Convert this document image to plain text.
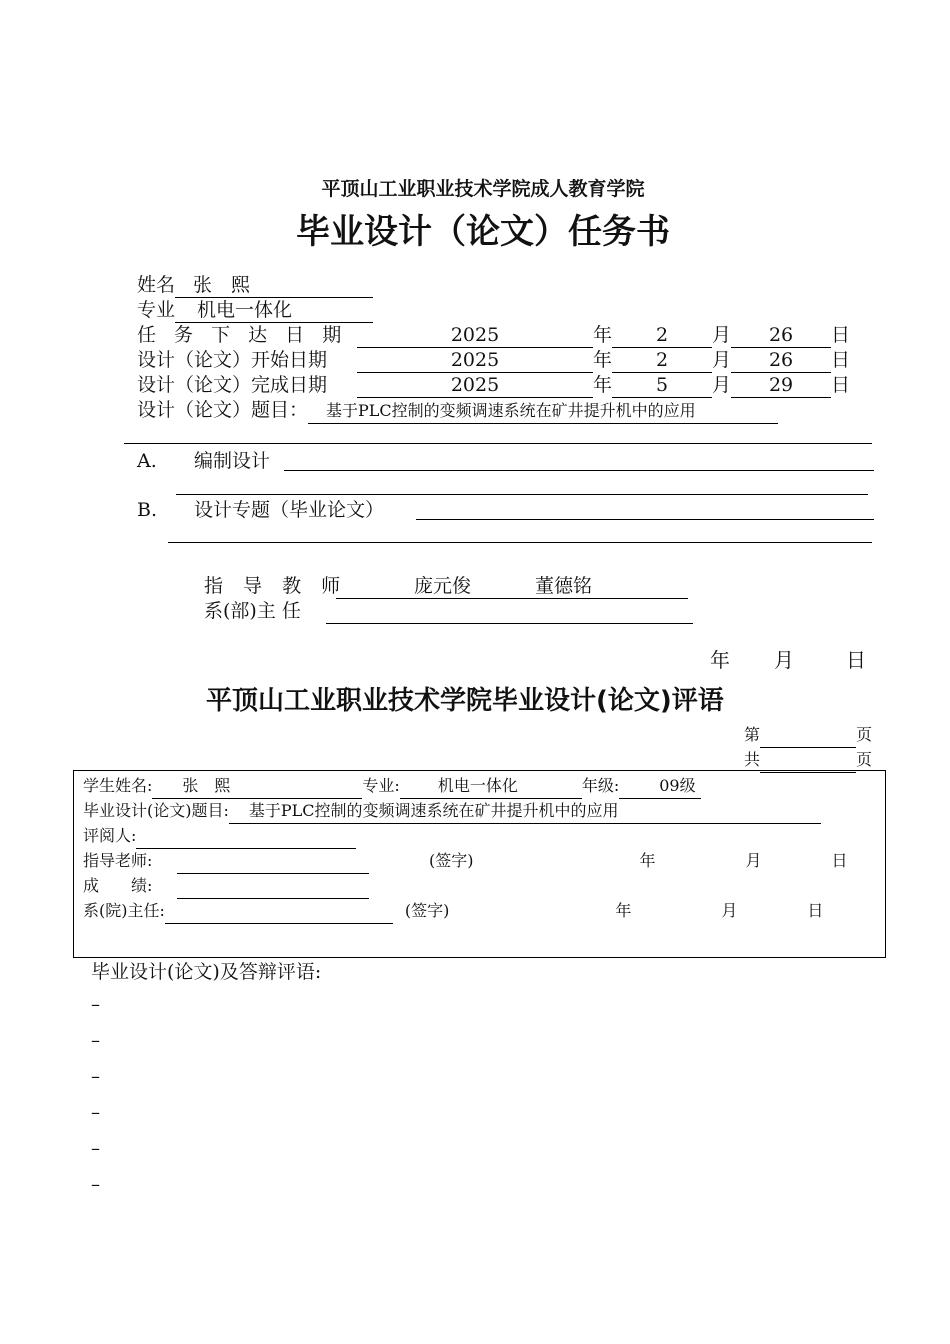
平顶山工业职业技术学院成人教育学院
毕业设计（论文）任务书
姓名 张　熙
专业 机电一体化
任 务 下 达 日 期	2025	年 2 月 26 日
设计（论文）开始日期	2025	年 2 月 26 日
设计（论文）完成日期	2025	年 5 月 29 日
设计（论文）题目： 基于PLC控制的变频调速系统在矿井提升机中的应用
A. 编制设计
B. 设计专题（毕业论文）
指 导 教 师	庞元俊	董德铭
系(部)主 任
年 月	日
平顶山工业职业技术学院毕业设计(论文)评语
第	页
共	页
学生姓名: 张　熙	专业: 机电一体化	年级:	09级
毕业设计(论文)题目: 基于PLC控制的变频调速系统在矿井提升机中的应用
评阅人:
指导老师:	(签字)	年	月	日
成　　绩:
系(院)主任:	(签字)	年	月	日
毕业设计(论文)及答辩评语:
–
–
–
–
–
–
